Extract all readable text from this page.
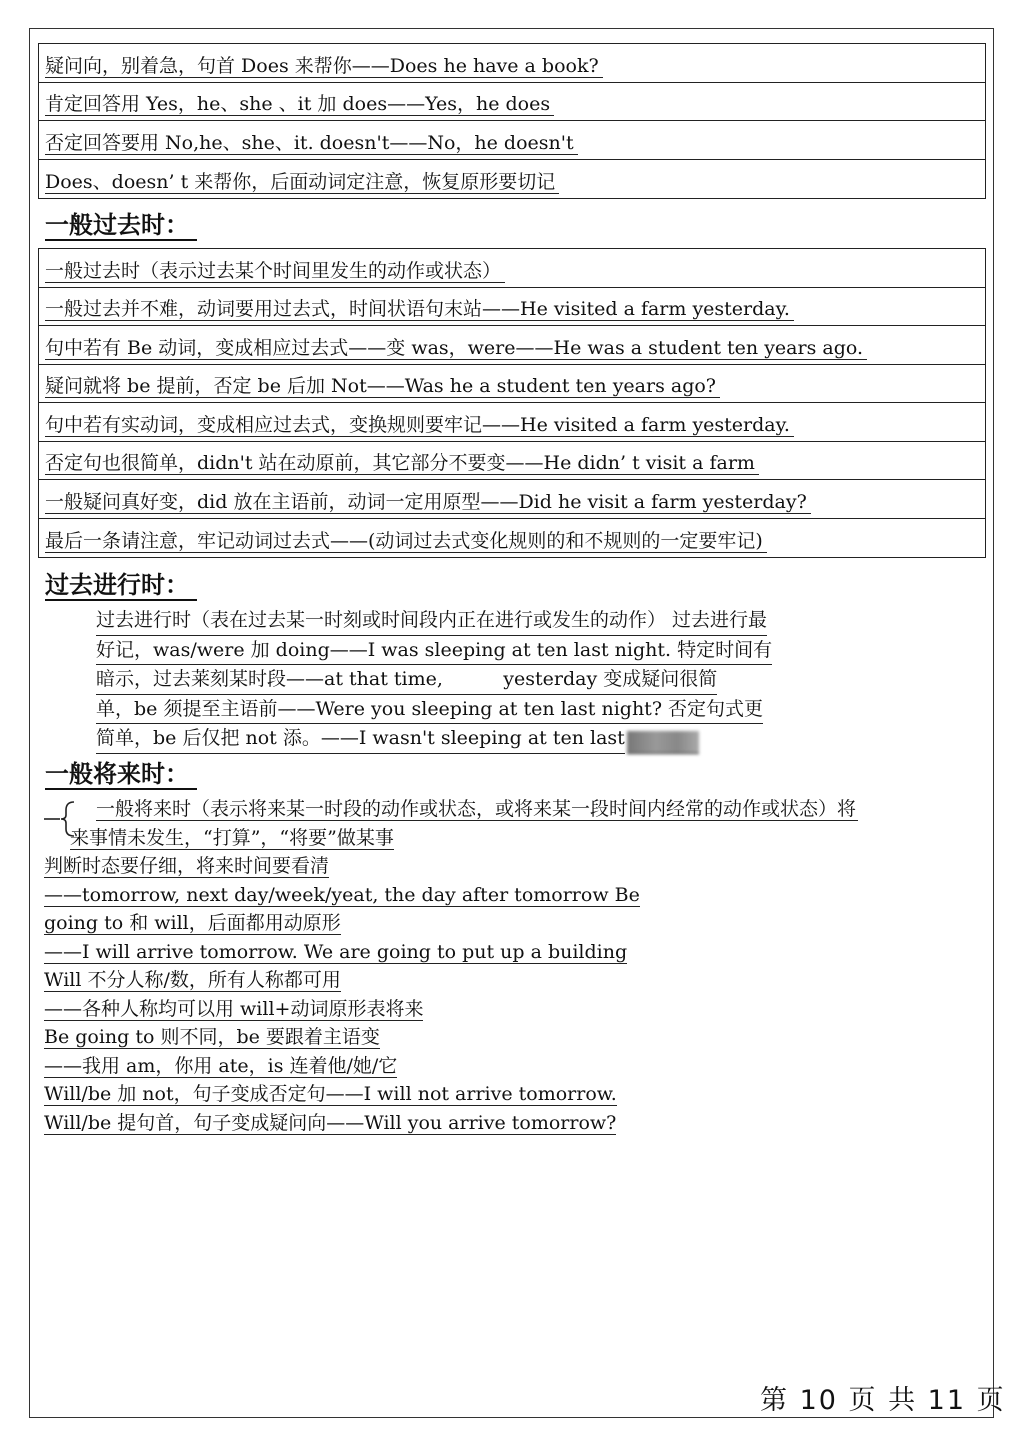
疑问向，别着急，句首 Does 来帮你——Does he have a book?
肯定回答用 Yes，he、she 、it 加 does——Yes，he does
否定回答要用 No,he、she、it. doesn't——No，he doesn't
Does、doesn’ t 来帮你，后面动词定注意，恢复原形要切记
一般过去时：
一般过去时（表示过去某个时间里发生的动作或状态）
一般过去并不难，动词要用过去式，时间状语句末站——He visited a farm yesterday.
句中若有 Be 动词，变成相应过去式——变 was，were——He was a student ten years ago.
疑问就将 be 提前，否定 be 后加 Not——Was he a student ten years ago?
句中若有实动词，变成相应过去式，变换规则要牢记——He visited a farm yesterday.
否定句也很简单，didn't 站在动原前，其它部分不要变——He didn’ t visit a farm
一般疑问真好变，did 放在主语前，动词一定用原型——Did he visit a farm yesterday?
最后一条请注意，牢记动词过去式——(动词过去式变化规则的和不规则的一定要牢记)
过去进行时：
过去进行时（表在过去某一时刻或时间段内正在进行或发生的动作） 过去进行最
好记，was/were 加 doing——I was sleeping at ten last night. 特定时间有
暗示，过去莱刻某时段——at that time,          yesterday 变成疑问很简
单，be 须提至主语前——Were you sleeping at ten last night? 否定句式更
简单，be 后仅把 not 添。——I wasn't sleeping at ten last
一般将来时：
一般将来时（表示将来某一时段的动作或状态，或将来某一段时间内经常的动作或状态）将
来事情未发生，“打算”，“将要”做某事
判断时态要仔细，将来时间要看清
——tomorrow, next day/week/yeat, the day after tomorrow Be
going to 和 will，后面都用动原形
——I will arrive tomorrow. We are going to put up a building
Will 不分人称/数，所有人称都可用
——各种人称均可以用 will+动词原形表将来
Be going to 则不同，be 要跟着主语变
——我用 am，你用 ate，is 连着他/她/它
Will/be 加 not，句子变成否定句——I will not arrive tomorrow.
Will/be 提句首，句子变成疑问向——Will you arrive tomorrow?
第 10 页 共 11 页
